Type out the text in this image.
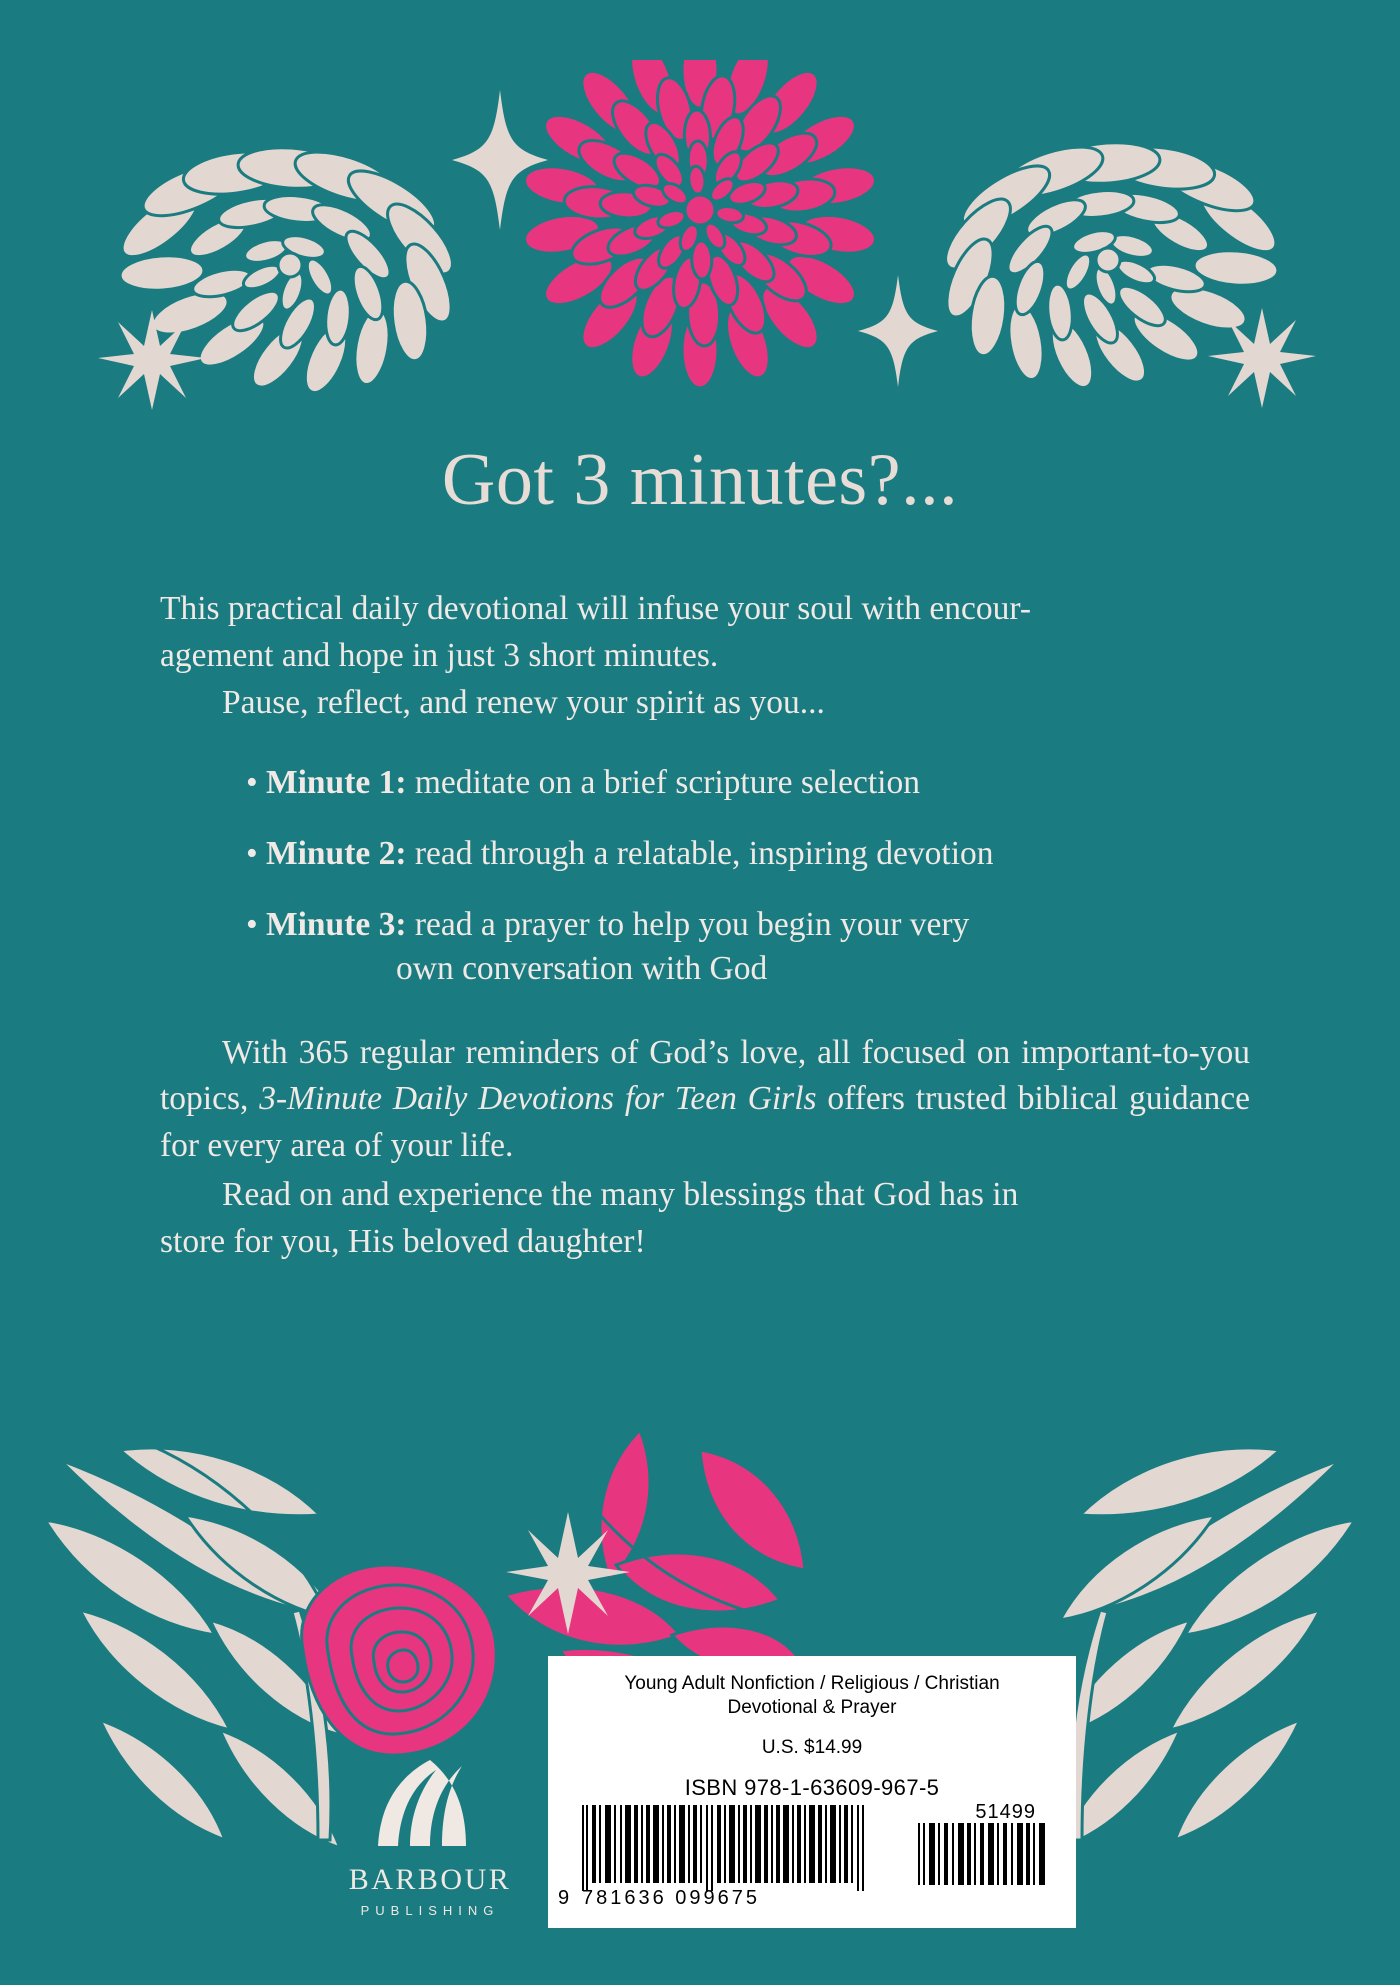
Got 3 minutes?...
This practical daily devotional will infuse your soul with encour-
agement and hope in just 3 short minutes.
Pause, reflect, and renew your spirit as you...
• Minute 1: meditate on a brief scripture selection
• Minute 2: read through a relatable, inspiring devotion
• Minute 3: read a prayer to help you begin your very
own conversation with God
With 365 regular reminders of God’s love, all focused on important-to-you topics, 3-Minute Daily Devotions for Teen Girls offers trusted biblical guidance for every area of your life.
Read on and experience the many blessings that God has in
store for you, His beloved daughter!
BARBOUR
PUBLISHING
Young Adult Nonfiction / Religious / Christian
Devotional & Prayer
U.S. $14.99
ISBN 978-1-63609-967-5
51499
9 781636 099675
